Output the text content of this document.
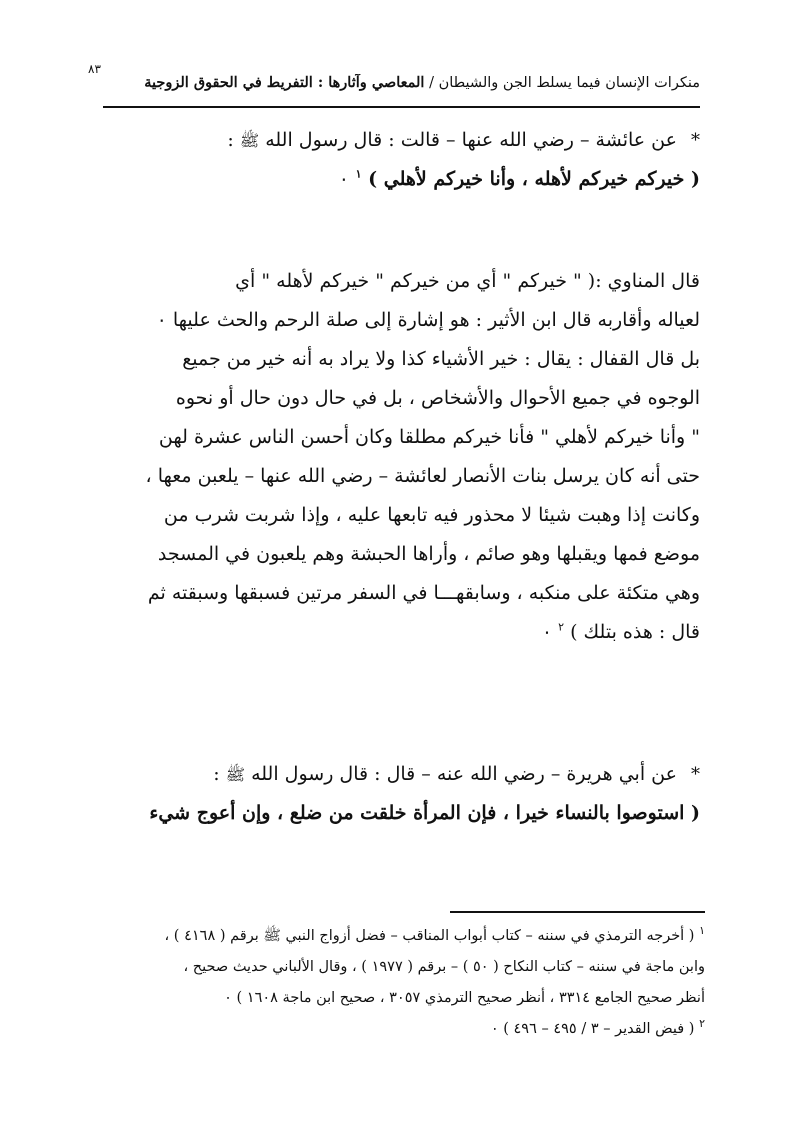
٨٣
منكرات الإنسان فيما يسلط الجن والشيطان / المعاصي وآثارها : التفريط في الحقوق الزوجية
* عن عائشة – رضي الله عنها – قالت : قال رسول الله ﷺ :
( خيركم خيركم لأهله ، وأنا خيركم لأهلي ) $^١$ ٠
قال المناوي :( " خيركم " أي من خيركم " خيركم لأهله " أي
لعياله وأقاربه قال ابن الأثير : هو إشارة إلى صلة الرحم والحث عليها ٠
بل قال القفال : يقال : خير الأشياء كذا ولا يراد به أنه خير من جميع
الوجوه في جميع الأحوال والأشخاص ، بل في حال دون حال أو نحوه
" وأنا خيركم لأهلي " فأنا خيركم مطلقا وكان أحسن الناس عشرة لهن
حتى أنه كان يرسل بنات الأنصار لعائشة – رضي الله عنها – يلعبن معها ،
وكانت إذا وهبت شيئا لا محذور فيه تابعها عليه ، وإذا شربت شرب من
موضع فمها ويقبلها وهو صائم ، وأراها الحبشة وهم يلعبون في المسجد
وهي متكئة على منكبه ، وسابقهـــا في السفر مرتين فسبقها وسبقته ثم
قال : هذه بتلك ) $^٢$ ٠
* عن أبي هريرة – رضي الله عنه – قال : قال رسول الله ﷺ :
( استوصوا بالنساء خيرا ، فإن المرأة خلقت من ضلع ، وإن أعوج شيء
$^١$ ( أخرجه الترمذي في سننه – كتاب أبواب المناقب – فضل أزواج النبي ﷺ برقم ( ٤١٦٨ ) ،
وابن ماجة في سننه – كتاب النكاح ( ٥٠ ) – برقم ( ١٩٧٧ ) ، وقال الألباني حديث صحيح ،
أنظر صحيح الجامع ٣٣١٤ ، أنظر صحيح الترمذي ٣٠٥٧ ، صحيح ابن ماجة ١٦٠٨ ) ٠
$^٢$ ( فيض القدير – ٣ / ٤٩٥ – ٤٩٦ ) ٠
